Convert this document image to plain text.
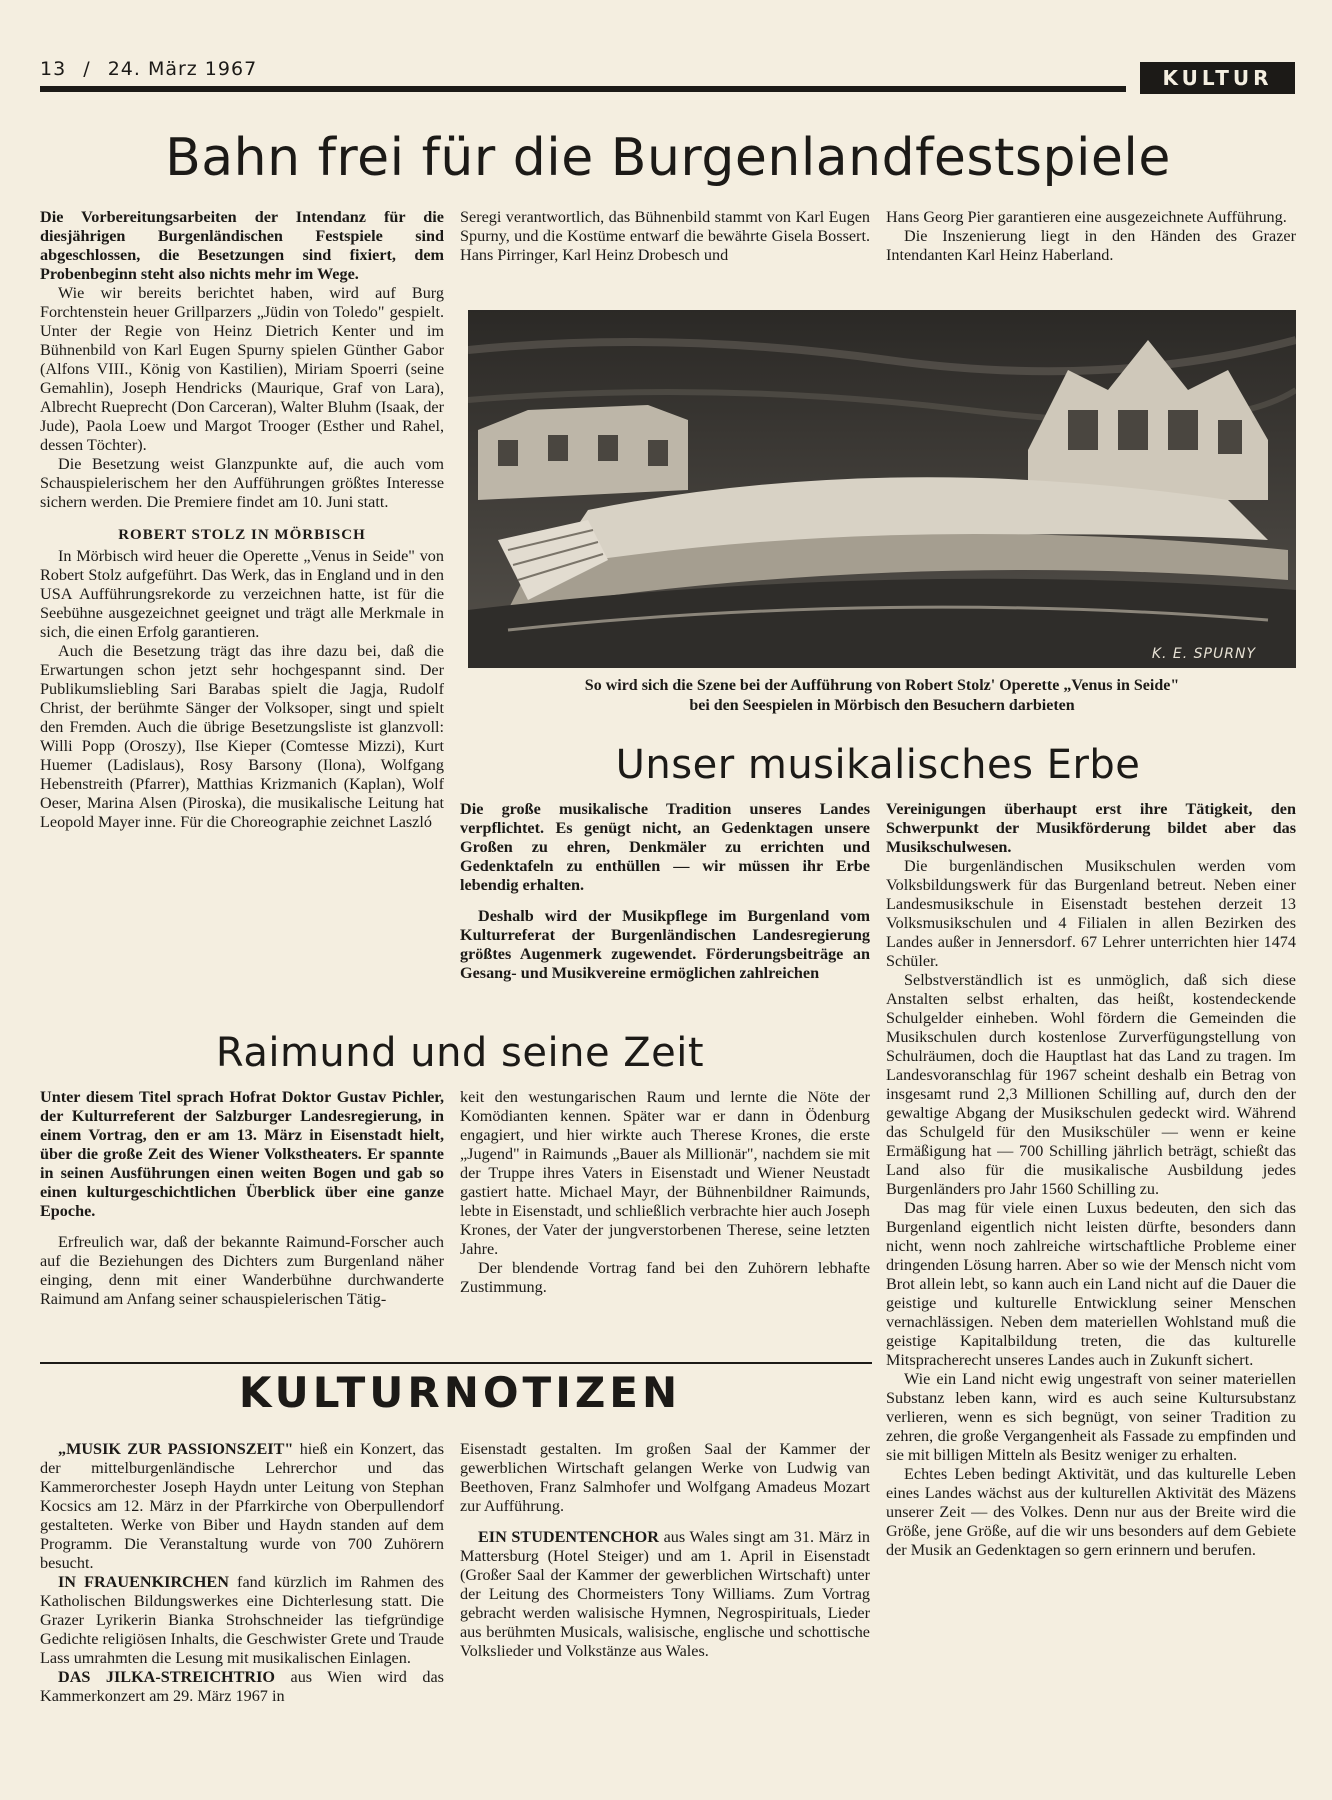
13 / 24. März 1967	KULTUR
Bahn frei für die Burgenlandfestspiele

Die Vorbereitungsarbeiten der Intendanz für die diesjährigen Burgenländischen Festspiele sind abgeschlossen, die Besetzungen sind fixiert, dem Probenbeginn steht also nichts mehr im Wege.

Wie wir bereits berichtet haben, wird auf Burg Forchtenstein heuer Grillparzers „Jüdin von Toledo" gespielt. Unter der Regie von Heinz Dietrich Kenter und im Bühnenbild von Karl Eugen Spurny spielen Günther Gabor (Alfons VIII., König von Kastilien), Miriam Spoerri (seine Gemahlin), Joseph Hendricks (Maurique, Graf von Lara), Albrecht Rueprecht (Don Carceran), Walter Bluhm (Isaak, der Jude), Paola Loew und Margot Trooger (Esther und Rahel, dessen Töchter).

Die Besetzung weist Glanzpunkte auf, die auch vom Schauspielerischem her den Aufführungen größtes Interesse sichern werden. Die Premiere findet am 10. Juni statt.

ROBERT STOLZ IN MÖRBISCH

In Mörbisch wird heuer die Operette „Venus in Seide" von Robert Stolz aufgeführt. Das Werk, das in England und in den USA Aufführungsrekorde zu verzeichnen hatte, ist für die Seebühne ausgezeichnet geeignet und trägt alle Merkmale in sich, die einen Erfolg garantieren.

Auch die Besetzung trägt das ihre dazu bei, daß die Erwartungen schon jetzt sehr hochgespannt sind. Der Publikumsliebling Sari Barabas spielt die Jagja, Rudolf Christ, der berühmte Sänger der Volksoper, singt und spielt den Fremden. Auch die übrige Besetzungsliste ist glanzvoll: Willi Popp (Oroszy), Ilse Kieper (Comtesse Mizzi), Kurt Huemer (Ladislaus), Rosy Barsony (Ilona), Wolfgang Hebenstreith (Pfarrer), Matthias Krizmanich (Kaplan), Wolf Oeser, Marina Alsen (Piroska), die musikalische Leitung hat Leopold Mayer inne. Für die Choreographie zeichnet Laszló

Seregi verantwortlich, das Bühnenbild stammt von Karl Eugen Spurny, und die Kostüme entwarf die bewährte Gisela Bossert. Hans Pirringer, Karl Heinz Drobesch und

Hans Georg Pier garantieren eine ausgezeichnete Aufführung.

Die Inszenierung liegt in den Händen des Grazer Intendanten Karl Heinz Haberland.

K. E. SPURNY
So wird sich die Szene bei der Aufführung von Robert Stolz' Operette „Venus in Seide"
bei den Seespielen in Mörbisch den Besuchern darbieten
Unser musikalisches Erbe

Die große musikalische Tradition unseres Landes verpflichtet. Es genügt nicht, an Gedenktagen unsere Großen zu ehren, Denkmäler zu errichten und Gedenktafeln zu enthüllen — wir müssen ihr Erbe lebendig erhalten.

Deshalb wird der Musikpflege im Burgenland vom Kulturreferat der Burgenländischen Landesregierung größtes Augenmerk zugewendet. Förderungsbeiträge an Gesang- und Musikvereine ermöglichen zahlreichen

Vereinigungen überhaupt erst ihre Tätigkeit, den Schwerpunkt der Musikförderung bildet aber das Musikschulwesen.

Die burgenländischen Musikschulen werden vom Volksbildungswerk für das Burgenland betreut. Neben einer Landesmusikschule in Eisenstadt bestehen derzeit 13 Volksmusikschulen und 4 Filialen in allen Bezirken des Landes außer in Jennersdorf. 67 Lehrer unterrichten hier 1474 Schüler.

Selbstverständlich ist es unmöglich, daß sich diese Anstalten selbst erhalten, das heißt, kostendeckende Schulgelder einheben. Wohl fördern die Gemeinden die Musikschulen durch kostenlose Zurverfügungstellung von Schulräumen, doch die Hauptlast hat das Land zu tragen. Im Landesvoranschlag für 1967 scheint deshalb ein Betrag von insgesamt rund 2,3 Millionen Schilling auf, durch den der gewaltige Abgang der Musikschulen gedeckt wird. Während das Schulgeld für den Musikschüler — wenn er keine Ermäßigung hat — 700 Schilling jährlich beträgt, schießt das Land also für die musikalische Ausbildung jedes Burgenländers pro Jahr 1560 Schilling zu.

Das mag für viele einen Luxus bedeuten, den sich das Burgenland eigentlich nicht leisten dürfte, besonders dann nicht, wenn noch zahlreiche wirtschaftliche Probleme einer dringenden Lösung harren. Aber so wie der Mensch nicht vom Brot allein lebt, so kann auch ein Land nicht auf die Dauer die geistige und kulturelle Entwicklung seiner Menschen vernachlässigen. Neben dem materiellen Wohlstand muß die geistige Kapitalbildung treten, die das kulturelle Mitspracherecht unseres Landes auch in Zukunft sichert.

Wie ein Land nicht ewig ungestraft von seiner materiellen Substanz leben kann, wird es auch seine Kultursubstanz verlieren, wenn es sich begnügt, von seiner Tradition zu zehren, die große Vergangenheit als Fassade zu empfinden und sie mit billigen Mitteln als Besitz weniger zu erhalten.

Echtes Leben bedingt Aktivität, und das kulturelle Leben eines Landes wächst aus der kulturellen Aktivität des Mäzens unserer Zeit — des Volkes. Denn nur aus der Breite wird die Größe, jene Größe, auf die wir uns besonders auf dem Gebiete der Musik an Gedenktagen so gern erinnern und berufen.

Raimund und seine Zeit

Unter diesem Titel sprach Hofrat Doktor Gustav Pichler, der Kulturreferent der Salzburger Landesregierung, in einem Vortrag, den er am 13. März in Eisenstadt hielt, über die große Zeit des Wiener Volkstheaters. Er spannte in seinen Ausführungen einen weiten Bogen und gab so einen kulturgeschichtlichen Überblick über eine ganze Epoche.

Erfreulich war, daß der bekannte Raimund-Forscher auch auf die Beziehungen des Dichters zum Burgenland näher einging, denn mit einer Wanderbühne durchwanderte Raimund am Anfang seiner schauspielerischen Tätig-

keit den westungarischen Raum und lernte die Nöte der Komödianten kennen. Später war er dann in Ödenburg engagiert, und hier wirkte auch Therese Krones, die erste „Jugend" in Raimunds „Bauer als Millionär", nachdem sie mit der Truppe ihres Vaters in Eisenstadt und Wiener Neustadt gastiert hatte. Michael Mayr, der Bühnenbildner Raimunds, lebte in Eisenstadt, und schließlich verbrachte hier auch Joseph Krones, der Vater der jungverstorbenen Therese, seine letzten Jahre.

Der blendende Vortrag fand bei den Zuhörern lebhafte Zustimmung.

KULTURNOTIZEN

„MUSIK ZUR PASSIONSZEIT" hieß ein Konzert, das der mittelburgenländische Lehrerchor und das Kammerorchester Joseph Haydn unter Leitung von Stephan Kocsics am 12. März in der Pfarrkirche von Oberpullendorf gestalteten. Werke von Biber und Haydn standen auf dem Programm. Die Veranstaltung wurde von 700 Zuhörern besucht.

IN FRAUENKIRCHEN fand kürzlich im Rahmen des Katholischen Bildungswerkes eine Dichterlesung statt. Die Grazer Lyrikerin Bianka Strohschneider las tiefgründige Gedichte religiösen Inhalts, die Geschwister Grete und Traude Lass umrahmten die Lesung mit musikalischen Einlagen.

DAS JILKA-STREICHTRIO aus Wien wird das Kammerkonzert am 29. März 1967 in

Eisenstadt gestalten. Im großen Saal der Kammer der gewerblichen Wirtschaft gelangen Werke von Ludwig van Beethoven, Franz Salmhofer und Wolfgang Amadeus Mozart zur Aufführung.

EIN STUDENTENCHOR aus Wales singt am 31. März in Mattersburg (Hotel Steiger) und am 1. April in Eisenstadt (Großer Saal der Kammer der gewerblichen Wirtschaft) unter der Leitung des Chormeisters Tony Williams. Zum Vortrag gebracht werden walisische Hymnen, Negrospirituals, Lieder aus berühmten Musicals, walisische, englische und schottische Volkslieder und Volkstänze aus Wales.
